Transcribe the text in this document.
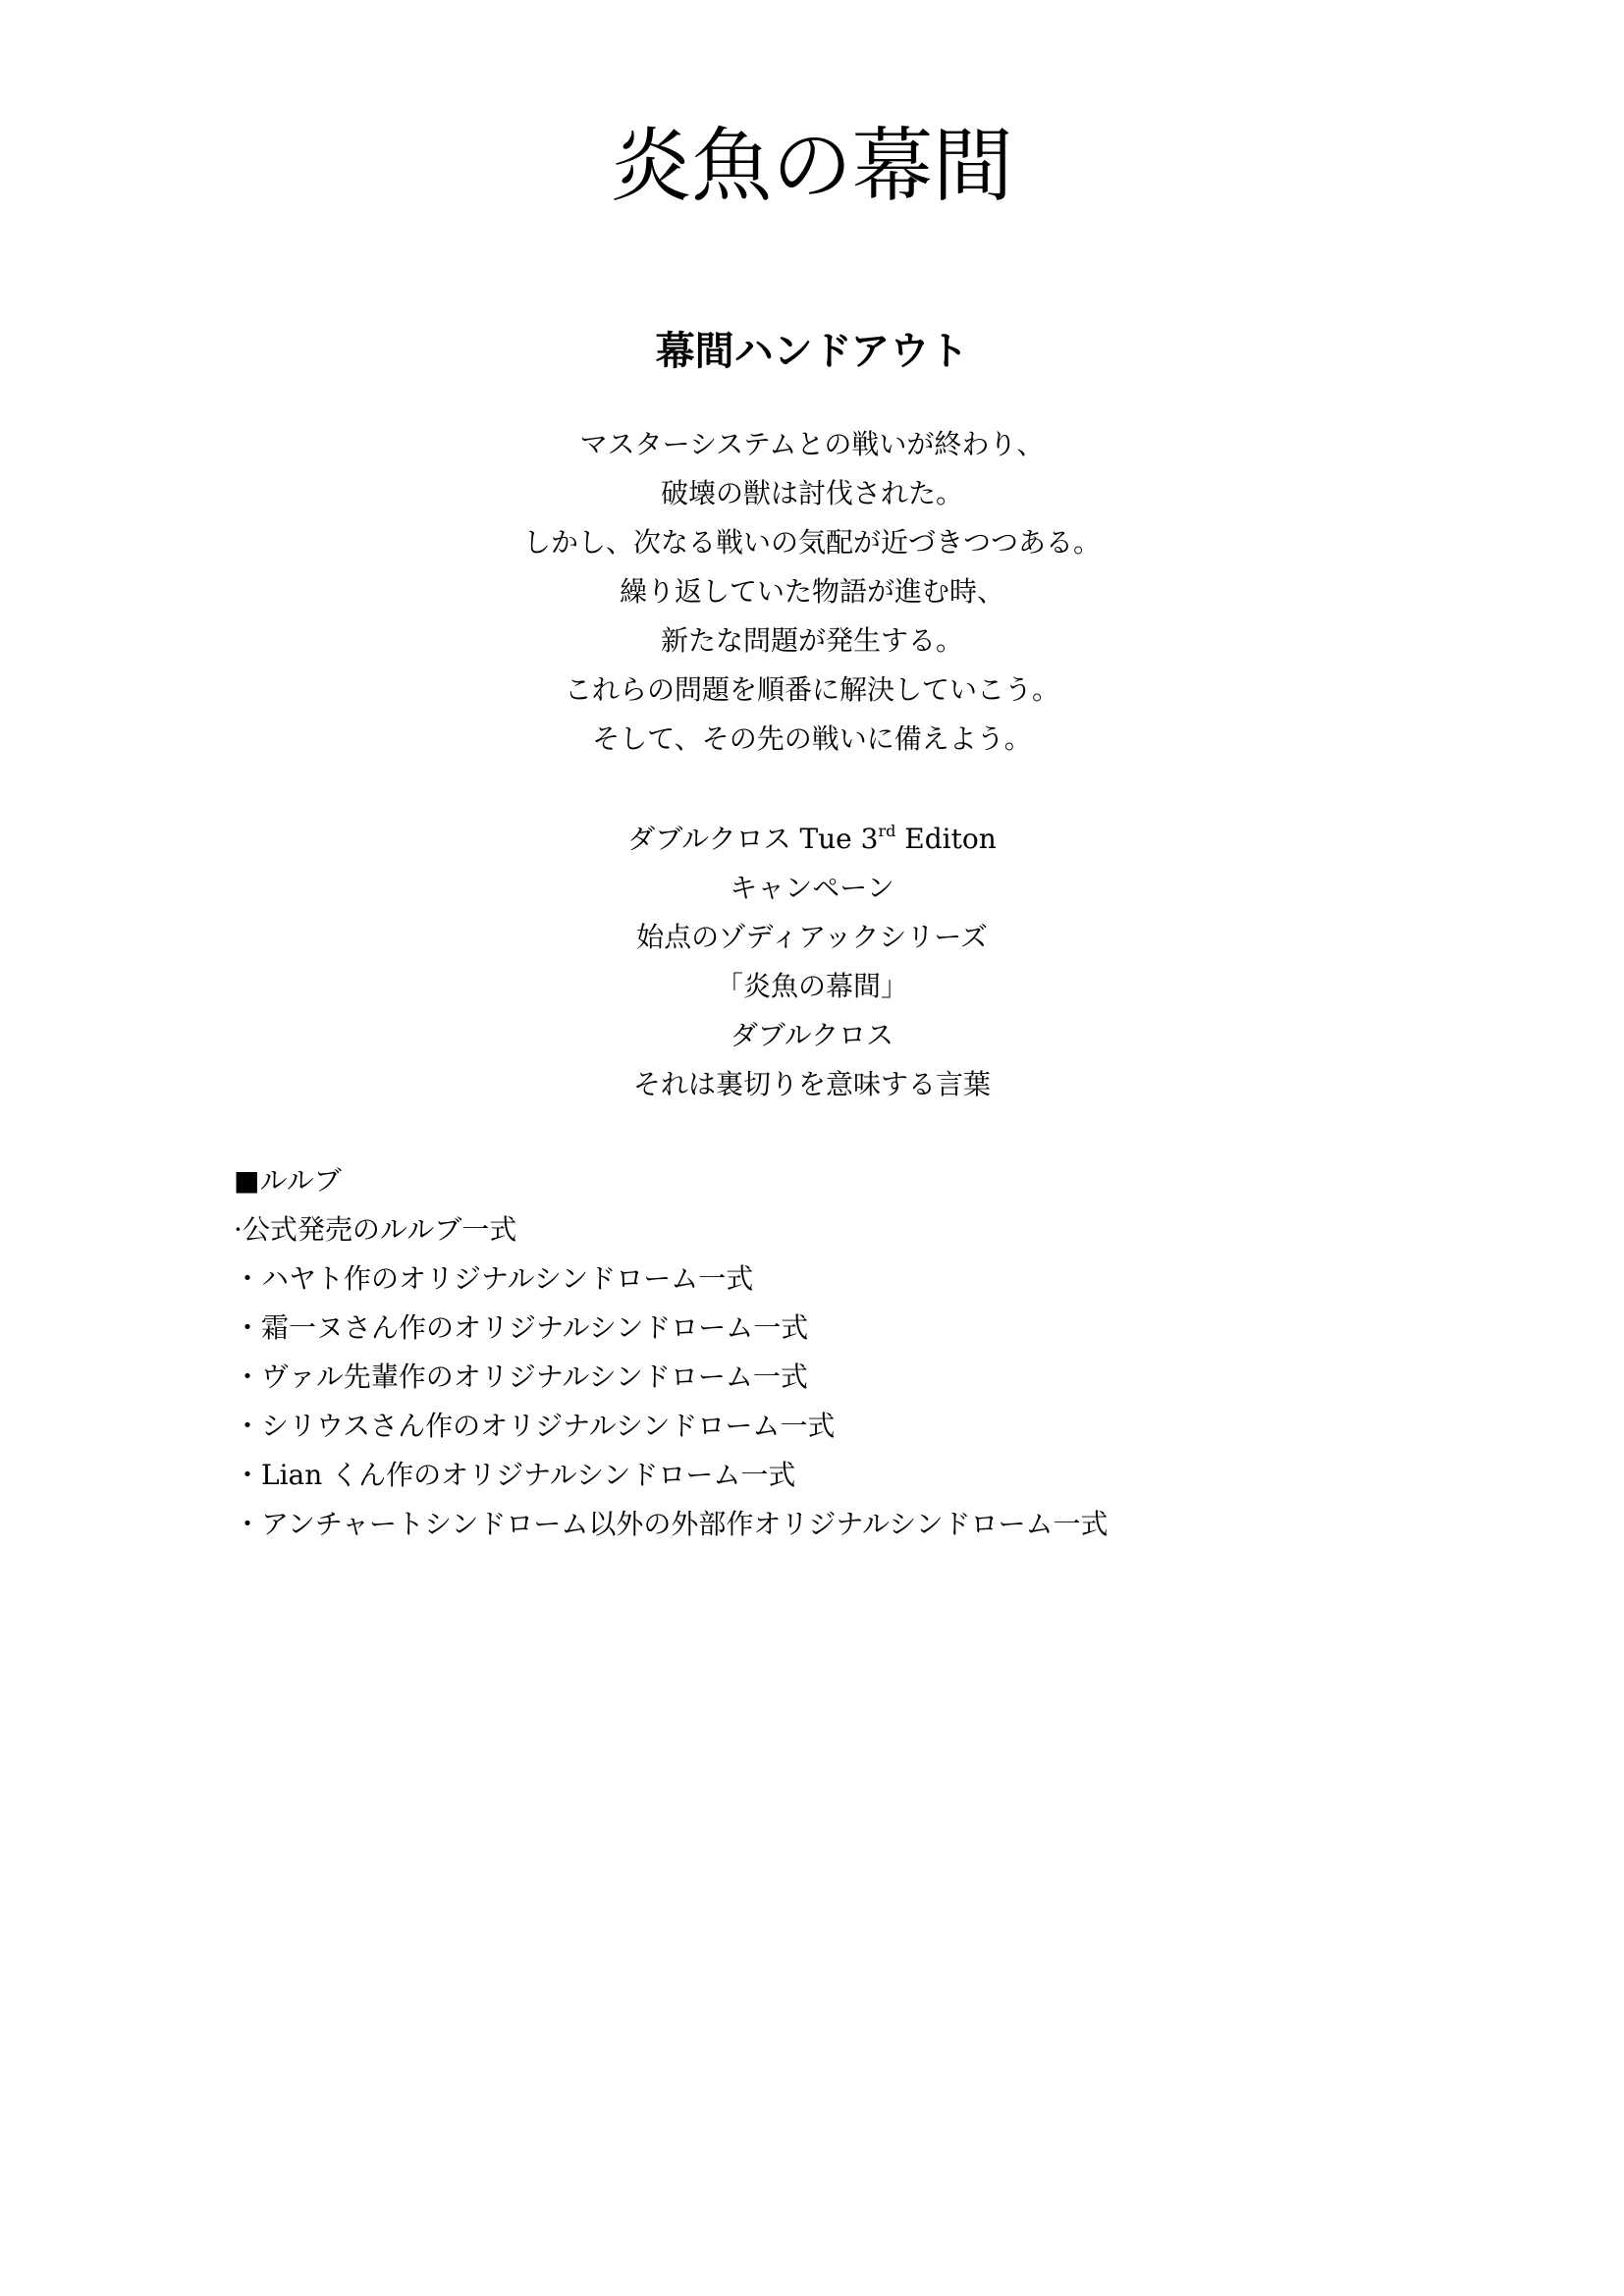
炎魚の幕間
幕間ハンドアウト
マスターシステムとの戦いが終わり、
破壊の獣は討伐された。
しかし、次なる戦いの気配が近づきつつある。
繰り返していた物語が進む時、
新たな問題が発生する。
これらの問題を順番に解決していこう。
そして、その先の戦いに備えよう。
ダブルクロス Tue 3rd Editon
キャンペーン
始点のゾディアックシリーズ
「炎魚の幕間」
ダブルクロス
それは裏切りを意味する言葉
■ルルブ
·公式発売のルルブ一式
・ハヤト作のオリジナルシンドローム一式
・霜一ヌさん作のオリジナルシンドローム一式
・ヴァル先輩作のオリジナルシンドローム一式
・シリウスさん作のオリジナルシンドローム一式
・Lian くん作のオリジナルシンドローム一式
・アンチャートシンドローム以外の外部作オリジナルシンドローム一式
